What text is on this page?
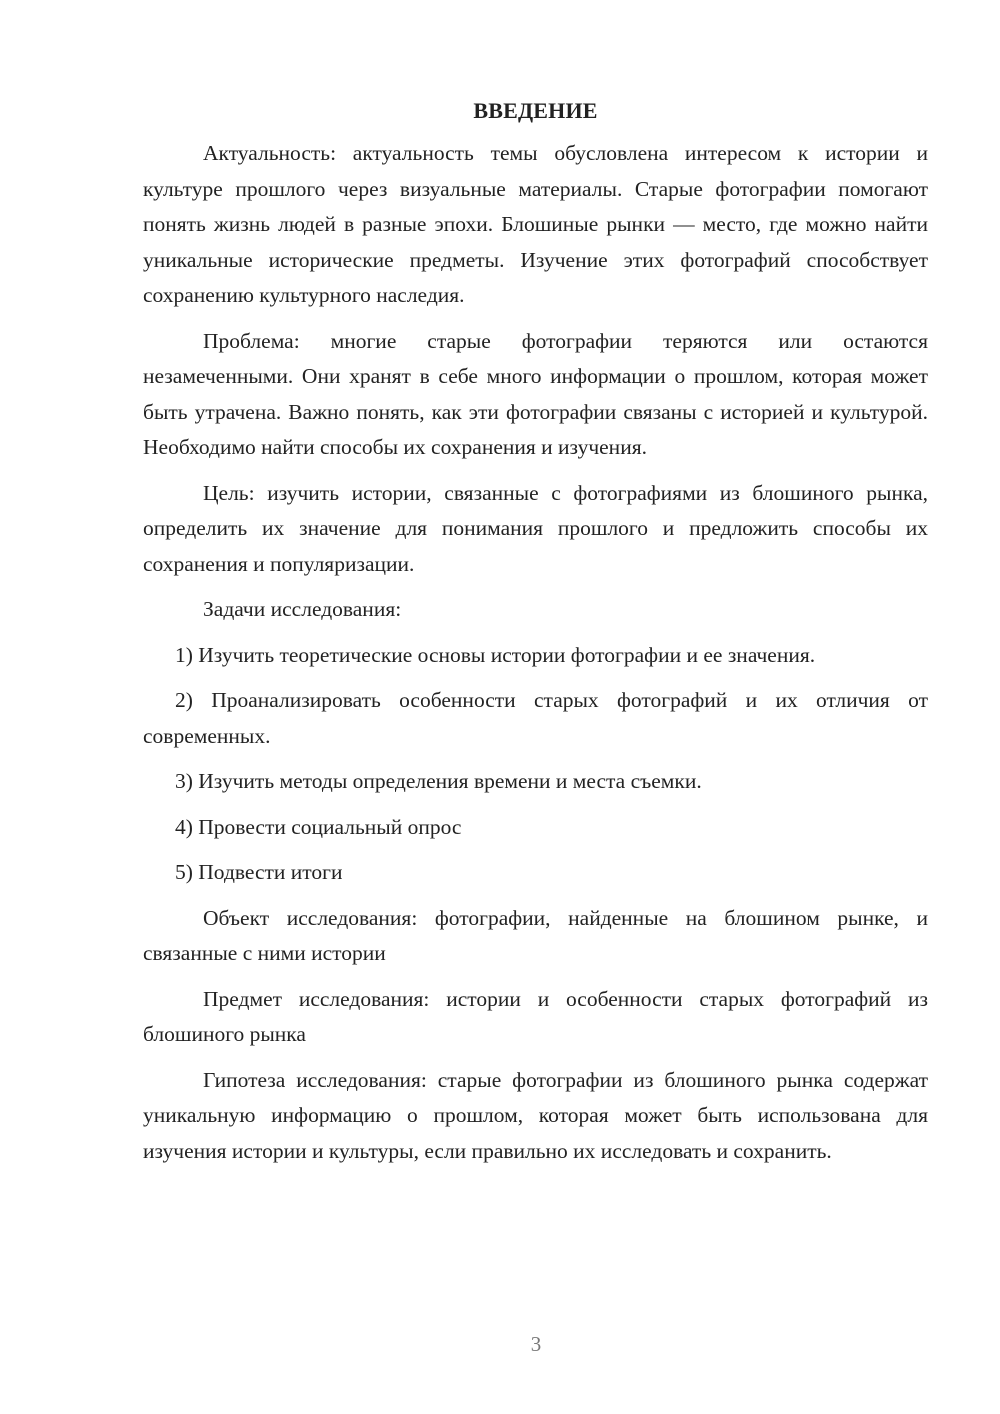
ВВЕДЕНИЕ

Актуальность: актуальность темы обусловлена интересом к истории и культуре прошлого через визуальные материалы. Старые фотографии помогают понять жизнь людей в разные эпохи. Блошиные рынки — место, где можно найти уникальные исторические предметы. Изучение этих фотографий способствует сохранению культурного наследия.

Проблема: многие старые фотографии теряются или остаются незамеченными. Они хранят в себе много информации о прошлом, которая может быть утрачена. Важно понять, как эти фотографии связаны с историей и культурой. Необходимо найти способы их сохранения и изучения.

Цель: изучить истории, связанные с фотографиями из блошиного рынка, определить их значение для понимания прошлого и предложить способы их сохранения и популяризации.

Задачи исследования:

1) Изучить теоретические основы истории фотографии и ее значения.

2) Проанализировать особенности старых фотографий и их отличия от современных.

3) Изучить методы определения времени и места съемки.

4) Провести социальный опрос

5) Подвести итоги

Объект исследования: фотографии, найденные на блошином рынке, и связанные с ними истории

Предмет исследования: истории и особенности старых фотографий из блошиного рынка

Гипотеза исследования: старые фотографии из блошиного рынка содержат уникальную информацию о прошлом, которая может быть использована для изучения истории и культуры, если правильно их исследовать и сохранить.

3
